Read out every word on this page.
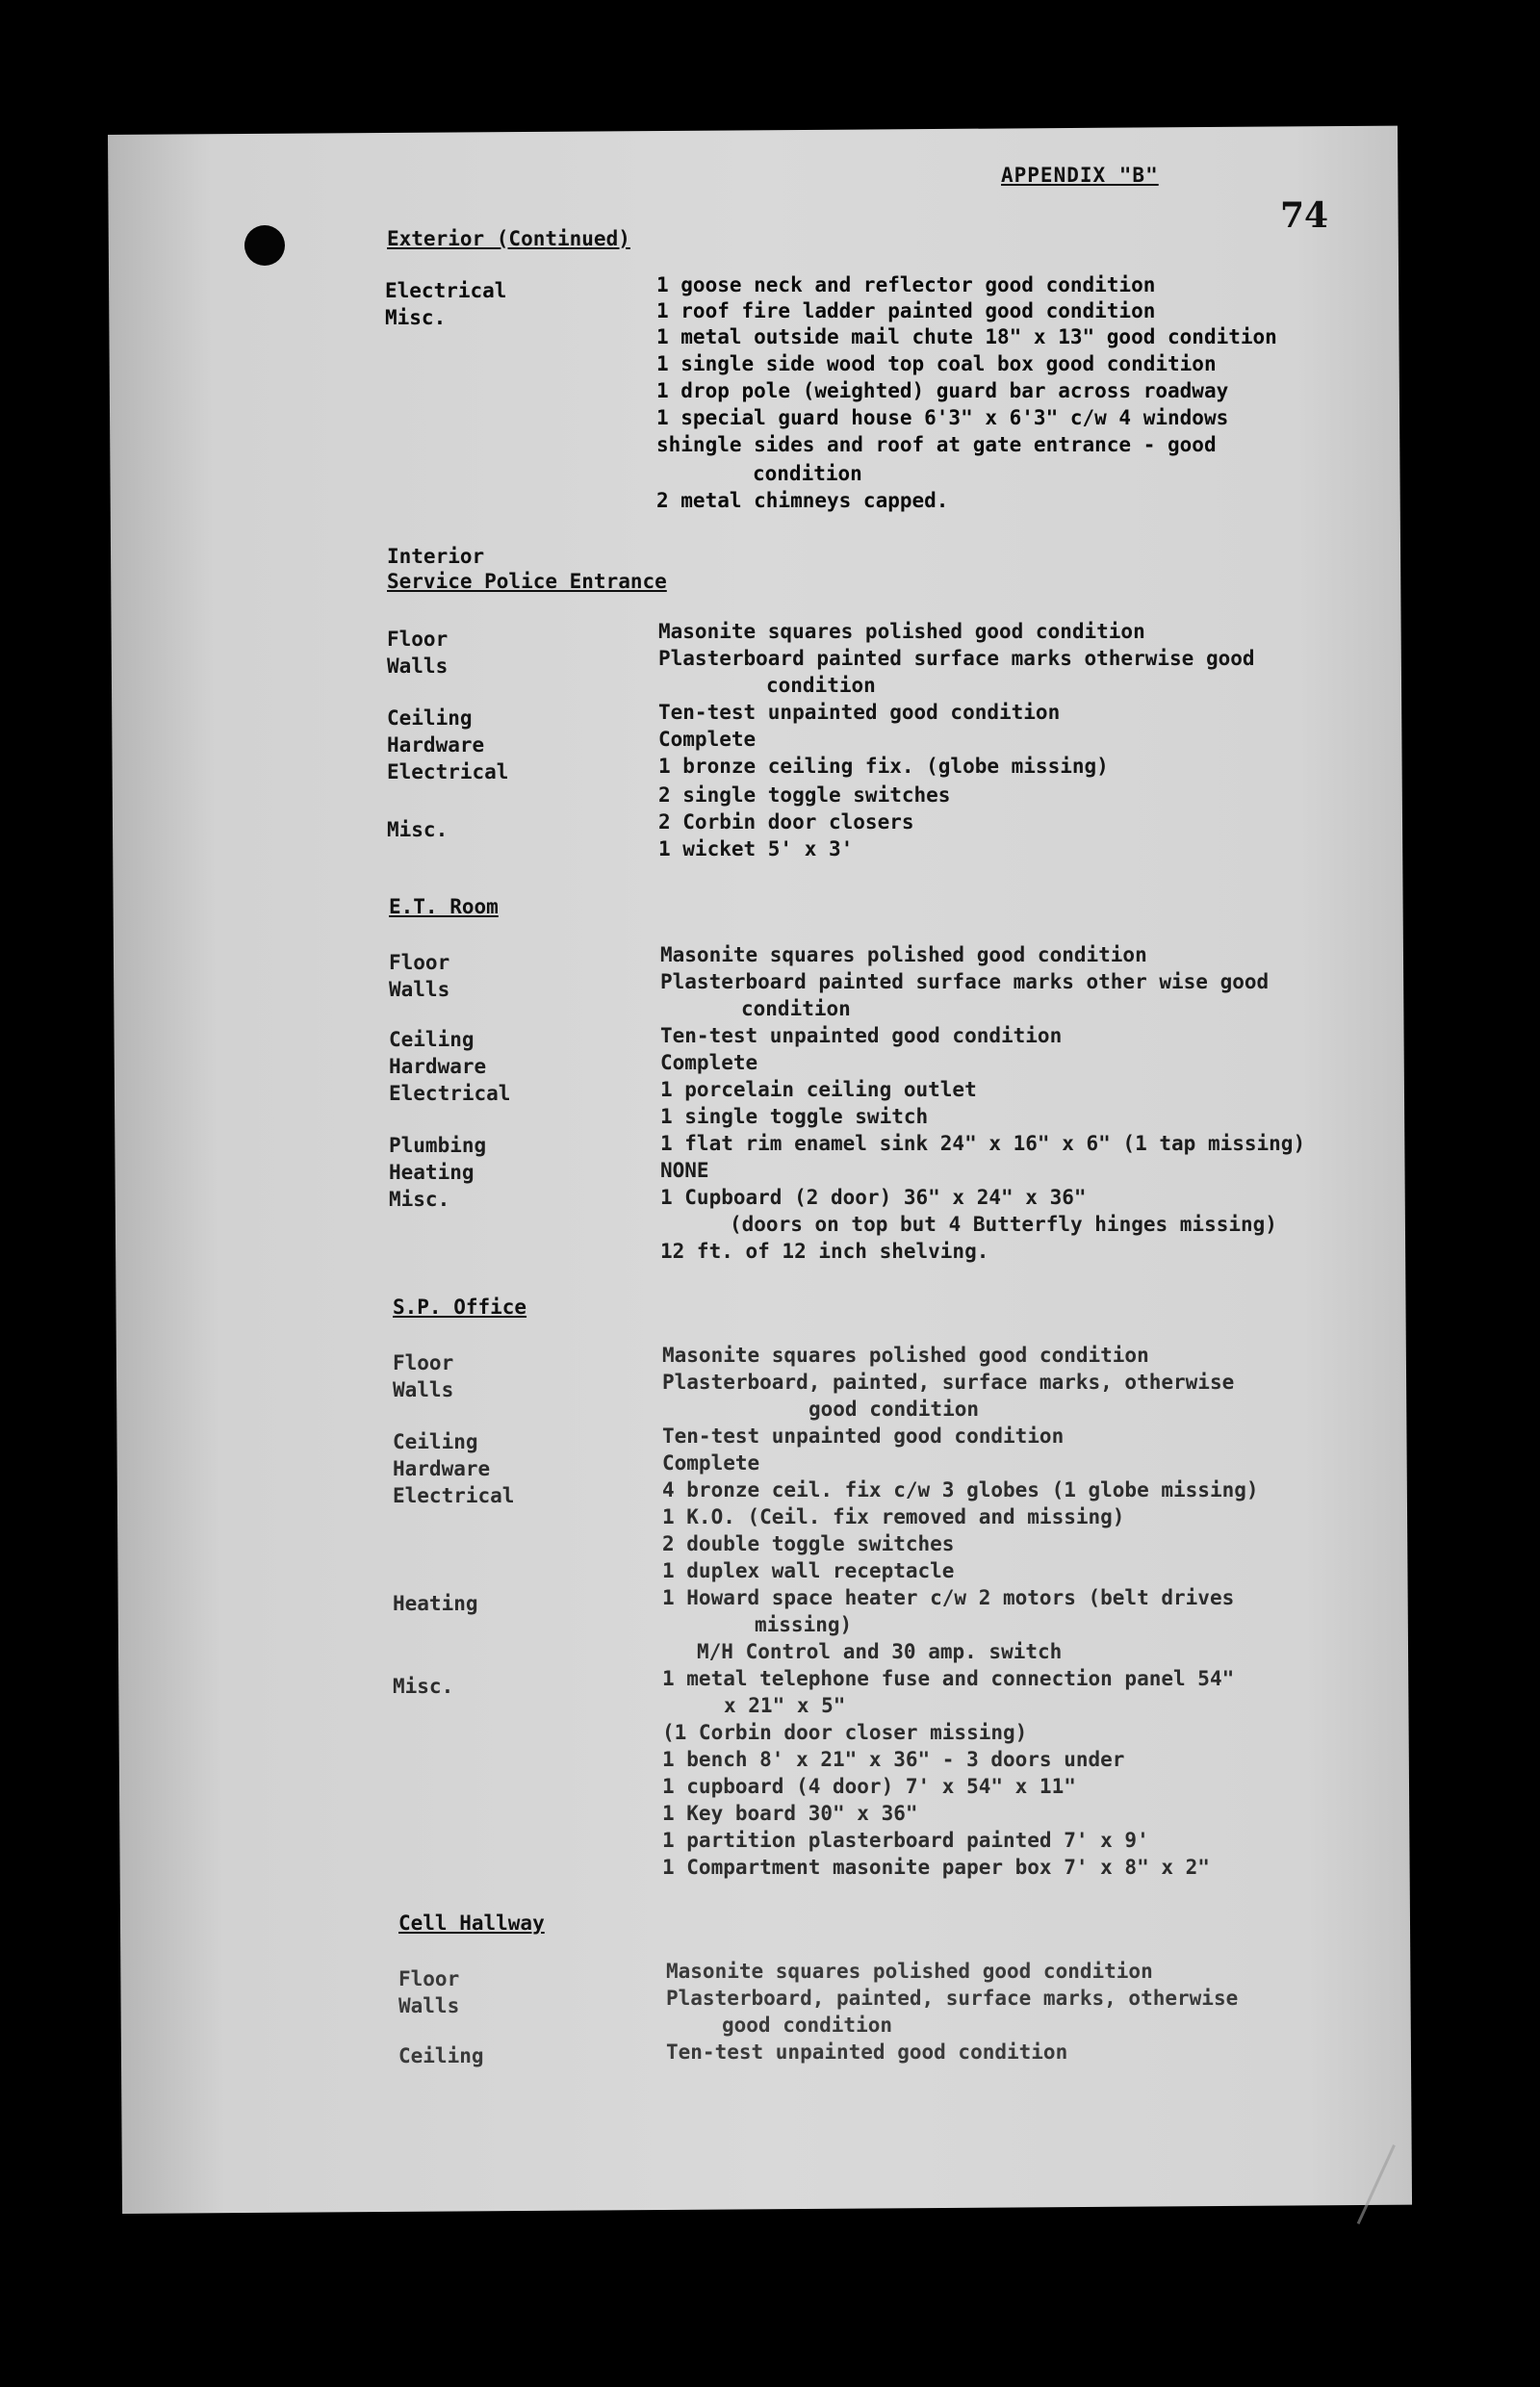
APPENDIX "B"
74
Exterior (Continued)
Electrical
Misc.
1 goose neck and reflector good condition
1 roof fire ladder painted good condition
1 metal outside mail chute 18" x 13" good condition
1 single side wood top coal box good condition
1 drop pole (weighted) guard bar across roadway
1 special guard house 6'3" x 6'3" c/w 4 windows
shingle sides and roof at gate entrance - good
condition
2 metal chimneys capped.
Interior
Service Police Entrance
Floor
Walls
Ceiling
Hardware
Electrical
Misc.
Masonite squares polished good condition
Plasterboard painted surface marks otherwise good
condition
Ten-test unpainted good condition
Complete
1 bronze ceiling fix. (globe missing)
2 single toggle switches
2 Corbin door closers
1 wicket 5' x 3'
E.T. Room
Floor
Walls
Ceiling
Hardware
Electrical
Plumbing
Heating
Misc.
Masonite squares polished good condition
Plasterboard painted surface marks other wise good
condition
Ten-test unpainted good condition
Complete
1 porcelain ceiling outlet
1 single toggle switch
1 flat rim enamel sink 24" x 16" x 6" (1 tap missing)
NONE
1 Cupboard (2 door) 36" x 24" x 36"
(doors on top but 4 Butterfly hinges missing)
12 ft. of 12 inch shelving.
S.P. Office
Floor
Walls
Ceiling
Hardware
Electrical
Heating
Misc.
Masonite squares polished good condition
Plasterboard, painted, surface marks, otherwise
good condition
Ten-test unpainted good condition
Complete
4 bronze ceil. fix c/w 3 globes (1 globe missing)
1 K.O. (Ceil. fix removed and missing)
2 double toggle switches
1 duplex wall receptacle
1 Howard space heater c/w 2 motors (belt drives
missing)
M/H Control and 30 amp. switch
1 metal telephone fuse and connection panel 54"
x 21" x 5"
(1 Corbin door closer missing)
1 bench 8' x 21" x 36" - 3 doors under
1 cupboard (4 door) 7' x 54" x 11"
1 Key board 30" x 36"
1 partition plasterboard painted 7' x 9'
1 Compartment masonite paper box 7' x 8" x 2"
Cell Hallway
Floor
Walls
Ceiling
Masonite squares polished good condition
Plasterboard, painted, surface marks, otherwise
good condition
Ten-test unpainted good condition
